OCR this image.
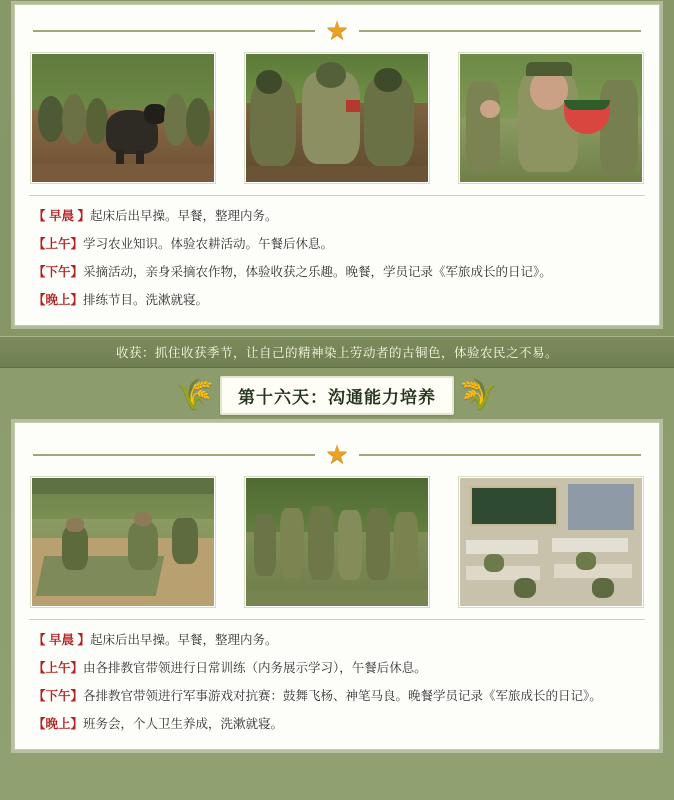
★

【 早晨 】起床后出早操。早餐，整理内务。

【上午】学习农业知识。体验农耕活动。午餐后休息。

【下午】采摘活动，亲身采摘农作物，体验收获之乐趣。晚餐，学员记录《军旅成长的日记》。

【晚上】排练节目。洗漱就寝。

收获：抓住收获季节，让自己的精神染上劳动者的古铜色，体验农民之不易。
🌾	第十六天：沟通能力培养 🌾
★

【 早晨 】起床后出早操。早餐，整理内务。

【上午】由各排教官带领进行日常训练（内务展示学习），午餐后休息。

【下午】各排教官带领进行军事游戏对抗赛：鼓舞飞杨、神笔马良。晚餐学员记录《军旅成长的日记》。

【晚上】班务会，个人卫生养成，洗漱就寝。
